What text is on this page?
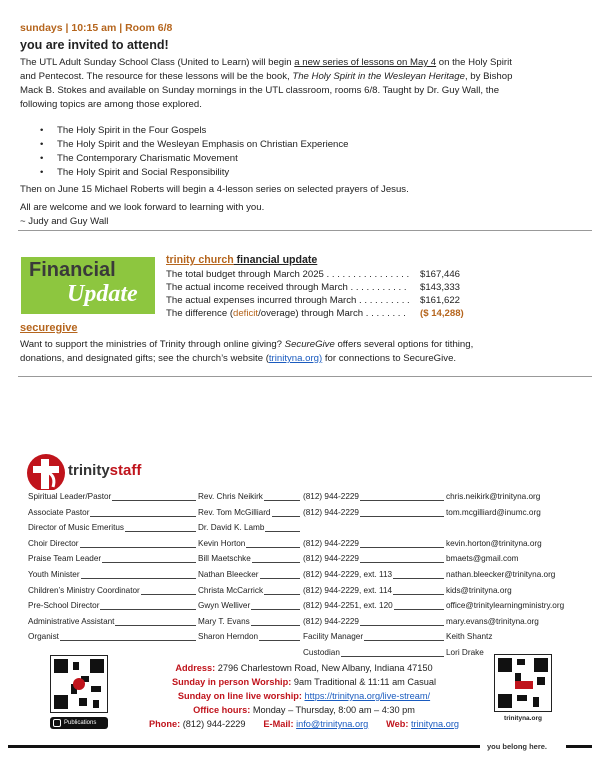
sundays | 10:15 am | Room 6/8
you are invited to attend!
The UTL Adult Sunday School Class (United to Learn) will begin a new series of lessons on May 4 on the Holy Spirit
and Pentecost. The resource for these lessons will be the book, The Holy Spirit in the Wesleyan Heritage, by Bishop
Mack B. Stokes and available on Sunday mornings in the UTL classroom, rooms 6/8. Taught by Dr. Guy Wall, the
following topics are among those explored.
• The Holy Spirit in the Four Gospels
• The Holy Spirit and the Wesleyan Emphasis on Christian Experience
• The Contemporary Charismatic Movement
• The Holy Spirit and Social Responsibility
Then on June 15 Michael Roberts will begin a 4-lesson series on selected prayers of Jesus.
All are welcome and we look forward to learning with you.
~ Judy and Guy Wall
Financial
Update
trinity church financial update
The total budget through March 2025 . . . . . . . . . . . . . . . . $167,446
The actual income received through March . . . . . . . . . . . $143,333
The actual expenses incurred through March . . . . . . . . . . $161,622
The difference (deficit/overage) through March . . . . . . . . ($ 14,288)
securegive
Want to support the ministries of Trinity through online giving? SecureGive offers several options for tithing,
donations, and designated gifts; see the church’s website (trinityna.org) for connections to SecureGive.
trinitystaff
Spiritual Leader/Pastor	Rev. Chris Neikirk	(812) 944-2229	chris.neikirk@trinityna.org
Associate Pastor	Rev. Tom McGilliard	(812) 944-2229	tom.mcgilliard@inumc.org
Director of Music Emeritus	Dr. David K. Lamb
Choir Director	Kevin Horton	(812) 944-2229	kevin.horton@trinityna.org
Praise Team Leader	Bill Maetschke	(812) 944-2229	bmaets@gmail.com
Youth Minister	Nathan Bleecker	(812) 944-2229, ext. 113	nathan.bleecker@trinityna.org
Children’s Ministry Coordinator	Christa McCarrick	(812) 944-2229, ext. 114	kids@trinityna.org
Pre-School Director	Gwyn Welliver	(812) 944-2251, ext. 120	office@trinitylearningministry.org
Administrative Assistant	Mary T. Evans	(812) 944-2229	mary.evans@trinityna.org
Organist	Sharon Herndon	Facility Manager	Keith Shantz
Custodian	Lori Drake
Publications
trinityna.org
Address: 2796 Charlestown Road, New Albany, Indiana 47150
Sunday in person Worship: 9am Traditional & 11:11 am Casual
Sunday on line live worship: https://trinityna.org/live-stream/
Office hours: Monday – Thursday, 8:00 am – 4:30 pm
Phone: (812) 944-2229 E-Mail: info@trinityna.org Web: trinityna.org
you belong here.
